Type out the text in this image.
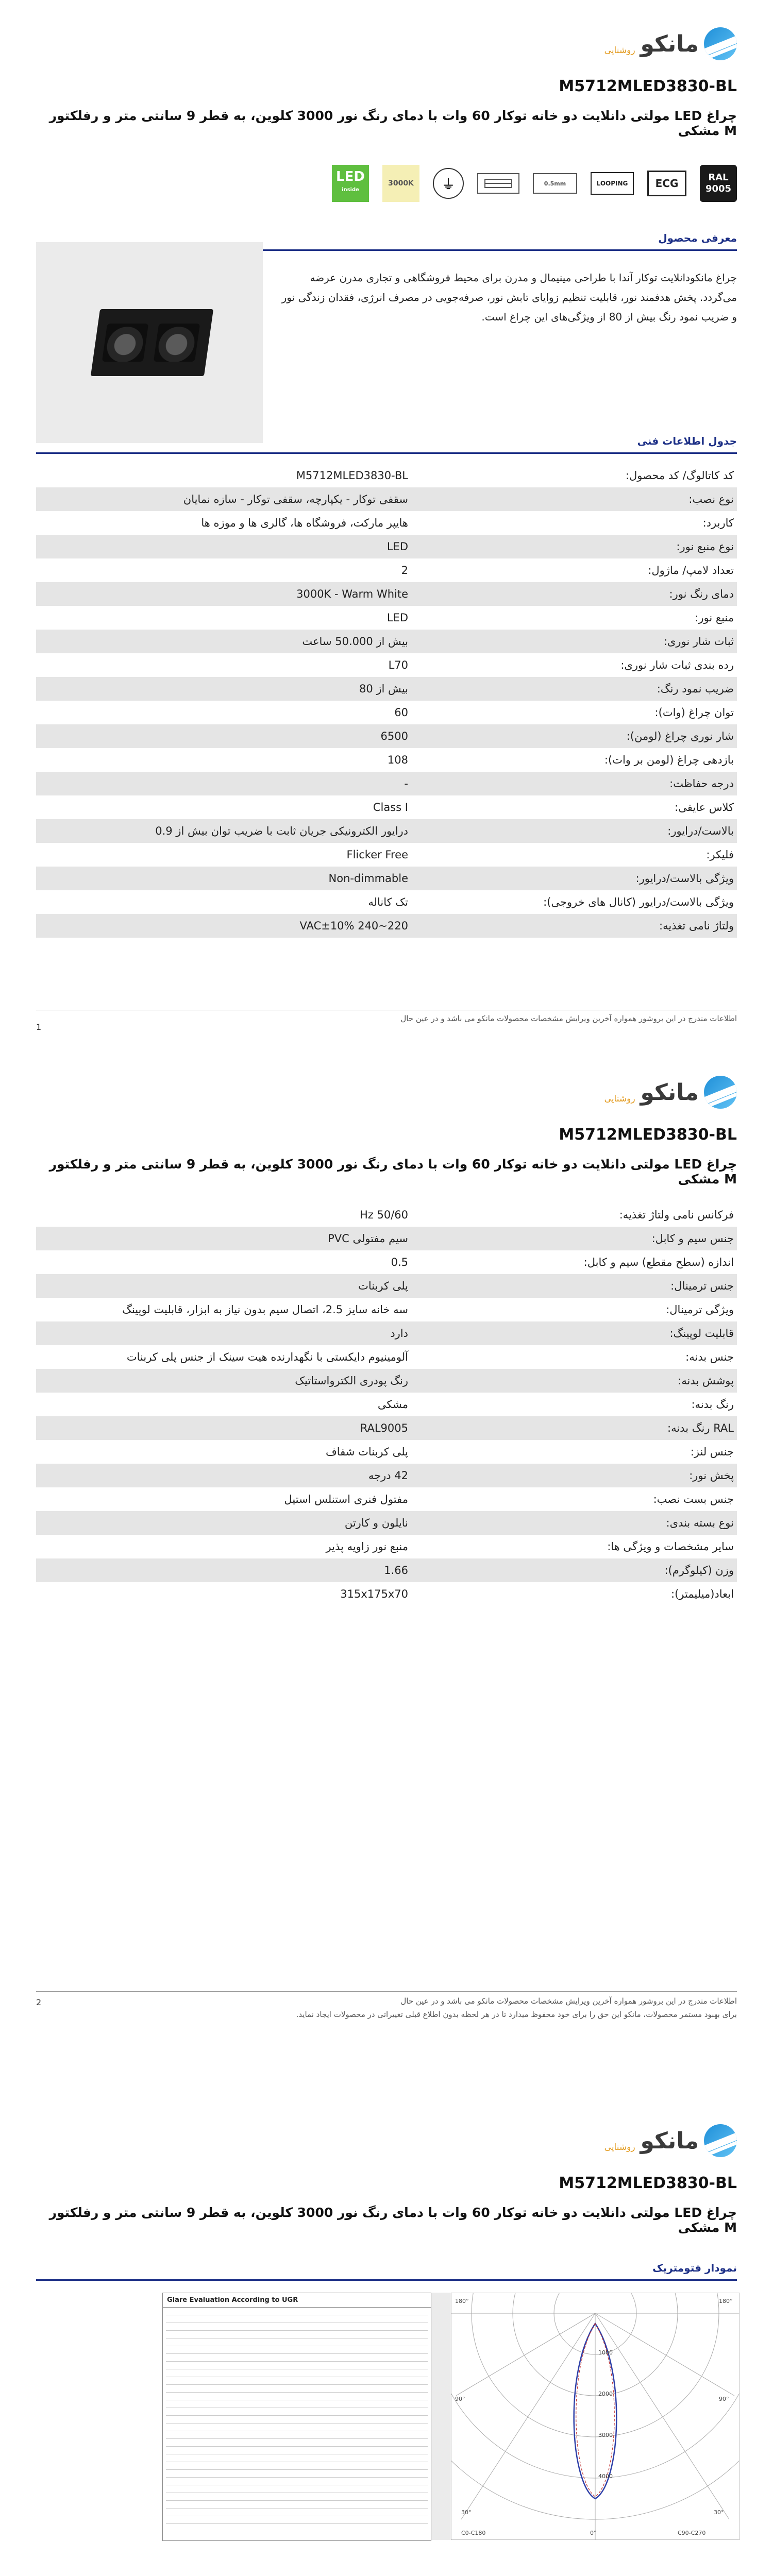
مانکو
روشنایی
M5712MLED3830-BL
چراغ LED مولتی دانلایت دو خانه توکار 60 وات با دمای رنگ نور 3000 کلوین، به قطر 9 سانتی متر و رفلکتور M مشکی
RAL
9005
ECG
LOOPING
0.5mm
⏚
3000K
LED
inside
معرفی محصول
چراغ‌ مانکو‌دانلایت توکار آندا با طراحی مینیمال و مدرن برای محیط فروشگاهی و تجاری مدرن عرضه می‌گردد. پخش هدفمند نور، قابلیت تنظیم زوایای تابش نور، صرفه‌جویی در مصرف انرژی، فقدان زندگی نور و ضریب نمود رنگ بیش از 80 از ویژگی‌های این چراغ است.
جدول اطلاعات فنی
کد کاتالوگ/ کد محصول:	M5712MLED3830-BL
نوع نصب:	سقفی توکار - یکپارچه، سقفی توکار - سازه نمایان
کاربرد:	هایپر مارکت، فروشگاه ها، گالری ها و موزه ها
نوع منبع نور:	LED
تعداد لامپ/ ماژول:	2
دمای رنگ نور:	3000K - Warm White
منبع نور:	LED
ثبات شار نوری:	بیش از 50.000 ساعت
رده بندی ثبات شار نوری:	L70
ضریب نمود رنگ:	بیش از 80
توان چراغ (وات):	60
شار نوری چراغ (لومن):	6500
بازدهی چراغ (لومن بر وات):	108
درجه حفاظت:	-
کلاس عایقی:	Class I
بالاست/درایور:	درایور الکترونیکی جریان ثابت با ضریب توان بیش از 0.9
فلیکر:	Flicker Free
ویژگی بالاست/درایور:	Non-dimmable
ویژگی بالاست/درایور (کانال های خروجی):	تک کاناله
ولتاژ نامی تغذیه:	220~240 VAC±10%
اطلاعات مندرج در این بروشور همواره آخرین ویرایش مشخصات محصولات مانکو می باشد و در عین حال
1
مانکو
روشنایی
M5712MLED3830-BL
چراغ LED مولتی دانلایت دو خانه توکار 60 وات با دمای رنگ نور 3000 کلوین، به قطر 9 سانتی متر و رفلکتور M مشکی
فرکانس نامی ولتاژ تغذیه:	50/60 Hz
جنس سیم و کابل:	سیم مفتولی PVC
اندازه (سطح مقطع) سیم و کابل:	0.5
جنس ترمینال:	پلی کربنات
ویژگی ترمینال:	سه خانه سایز 2.5، اتصال سیم بدون نیاز به ابزار، قابلیت لوپینگ
قابلیت لوپینگ:	دارد
جنس بدنه:	آلومینیوم دایکستی با نگهدارنده هیت سینک از جنس پلی کربنات
پوشش بدنه:	رنگ پودری الکترواستاتیک
رنگ بدنه:	مشکی
RAL رنگ بدنه:	RAL9005
جنس لنز:	پلی کربنات شفاف
پخش نور:	42 درجه
جنس بست نصب:	مفتول فنری استنلس استیل
نوع بسته بندی:	نایلون و کارتن
سایر مشخصات و ویژگی ها:	منبع نور زاویه پذیر
وزن (کیلوگرم):	1.66
ابعاد(میلیمتر):	315x175x70
اطلاعات مندرج در این بروشور همواره آخرین ویرایش مشخصات محصولات مانکو می باشد و در عین حال
برای بهبود مستمر محصولات، مانکو این حق را برای خود محفوظ میدارد تا در هر لحظه بدون اطلاع قبلی تغییراتی در محصولات ایجاد نماید.
2
مانکو
روشنایی
M5712MLED3830-BL
چراغ LED مولتی دانلایت دو خانه توکار 60 وات با دمای رنگ نور 3000 کلوین، به قطر 9 سانتی متر و رفلکتور M مشکی
نمودار فتومتریک
Glare Evaluation According to UGR
1000
2000
3000
4000
180°	180°
90°	90°
30°	30°
0°
C0-C180	C90-C270
